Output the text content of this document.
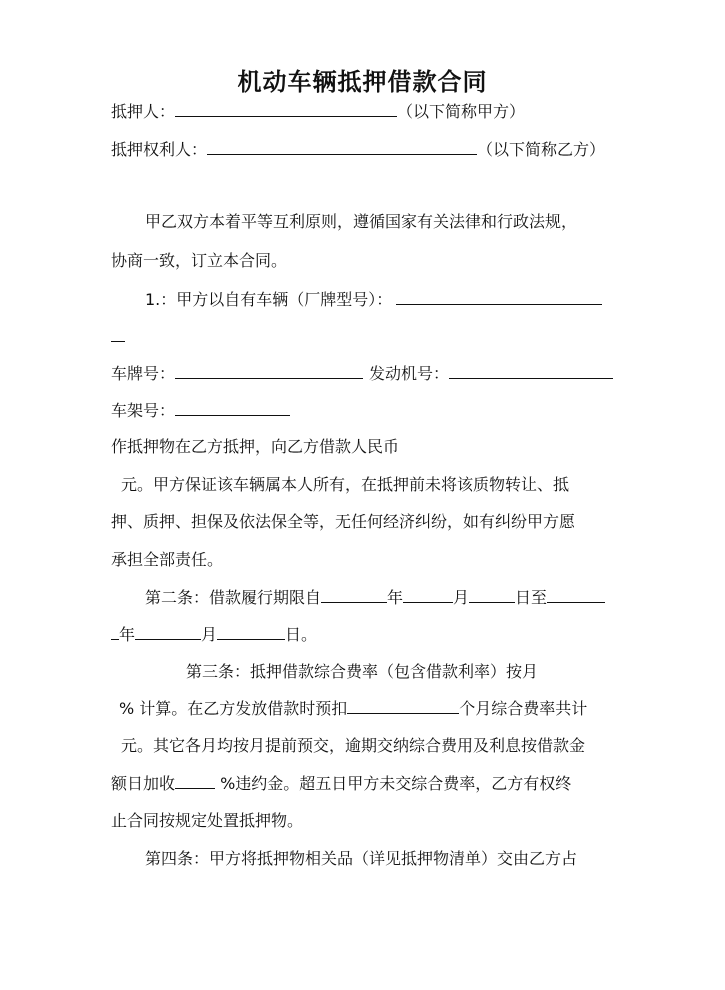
机动车辆抵押借款合同
抵押人：	（以下简称甲方）
抵押权利人：	（以下简称乙方）
甲乙双方本着平等互利原则，遵循国家有关法律和行政法规，
协商一致，订立本合同。
1.：甲方以自有车辆（厂牌型号）：
车牌号：	发动机号：
车架号：
作抵押物在乙方抵押，向乙方借款人民币
元。甲方保证该车辆属本人所有，在抵押前未将该质物转让、抵
押、质押、担保及依法保全等，无任何经济纠纷，如有纠纷甲方愿
承担全部责任。
第二条：借款履行期限自	年	月	日至
年	月	日。
第三条：抵押借款综合费率（包含借款利率）按月
% 计算。在乙方发放借款时预扣	个月综合费率共计
元。其它各月均按月提前预交，逾期交纳综合费用及利息按借款金
额日加收	%违约金。超五日甲方未交综合费率，乙方有权终
止合同按规定处置抵押物。
第四条：甲方将抵押物相关品（详见抵押物清单）交由乙方占
